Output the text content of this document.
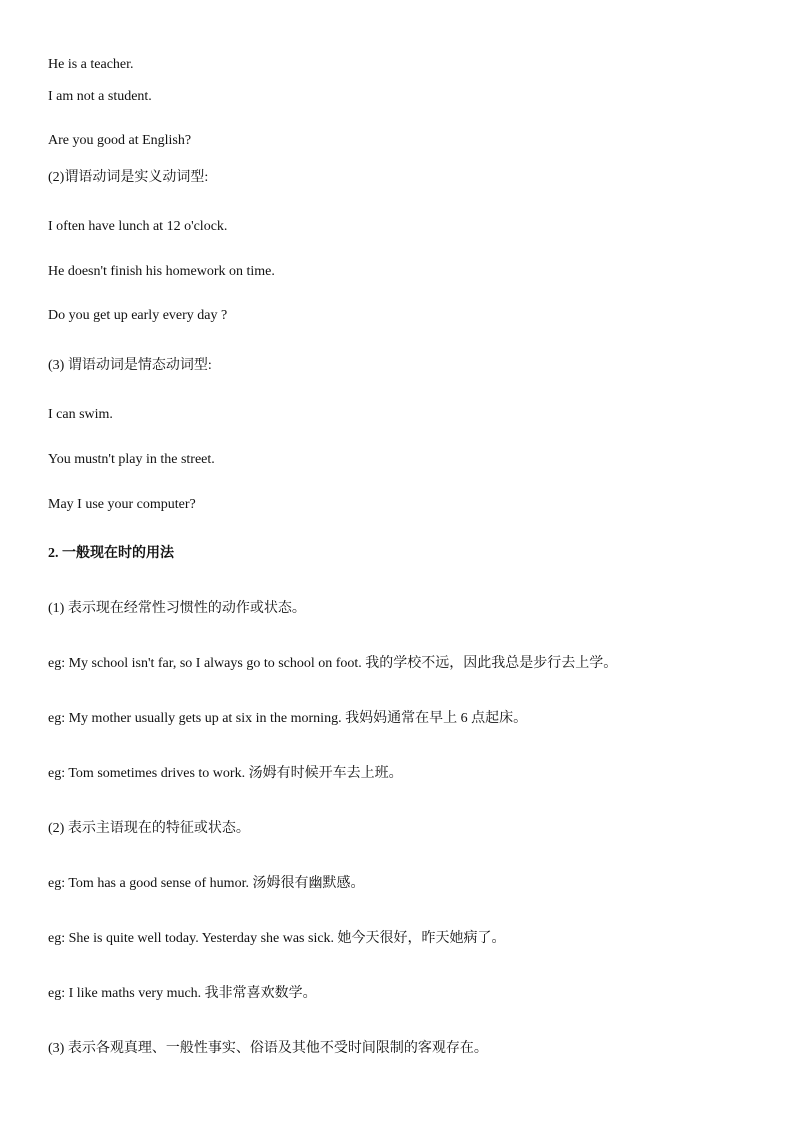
He is a teacher.
I am not a student.
Are you good at English?
(2)谓语动词是实义动词型:
I often have lunch at 12 o'clock.
He doesn't finish his homework on time.
Do you get up early every day ?
(3) 谓语动词是情态动词型:
I can swim.
You mustn't play in the street.
May I use your computer?
2. 一般现在时的用法
(1) 表示现在经常性习惯性的动作或状态。
eg: My school isn't far, so I always go to school on foot. 我的学校不远，因此我总是步行去上学。
eg: My mother usually gets up at six in the morning. 我妈妈通常在早上 6 点起床。
eg: Tom sometimes drives to work. 汤姆有时候开车去上班。
(2) 表示主语现在的特征或状态。
eg: Tom has a good sense of humor. 汤姆很有幽默感。
eg: She is quite well today. Yesterday she was sick. 她今天很好，昨天她病了。
eg: I like maths very much. 我非常喜欢数学。
(3) 表示各观真理、一般性事实、俗语及其他不受时间限制的客观存在。
